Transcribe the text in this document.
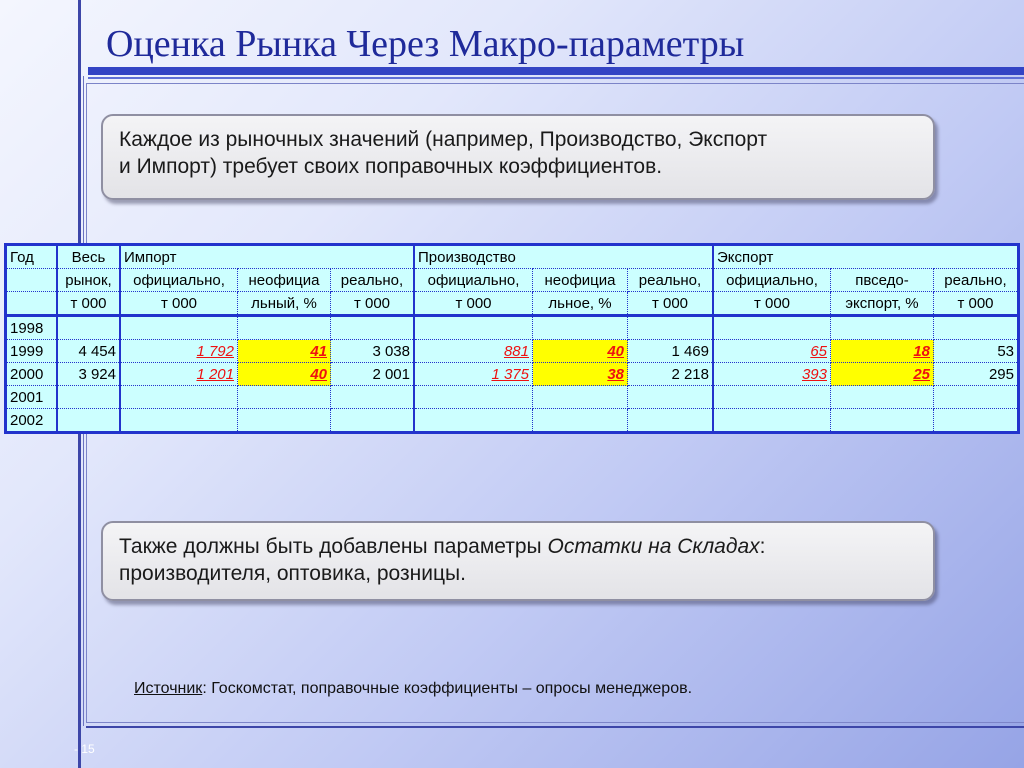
Оценка Рынка Через Макро-параметры
Каждое из рыночных значений (например, Производство, Экспорт
и Импорт) требует своих поправочных коэффициентов.
Год	Весь	Импорт			Производство			Экспорт		
	рынок,	официально,	неофициа	реально,	официально,	неофициа	реально,	официально,	пвседо-	реально,
	т 000	т 000	льный, %	т 000	т 000	льное, %	т 000	т 000	экспорт, %	т 000
1998										
1999	4 454	1 792	41	3 038	881	40	1 469	65	18	53
2000	3 924	1 201	40	2 001	1 375	38	2 218	393	25	295
2001										
2002										
Также должны быть добавлены параметры Остатки на Складах:
производителя, оптовика, розницы.
Источник: Госкомстат, поправочные коэффициенты – опросы менеджеров.
- 15
